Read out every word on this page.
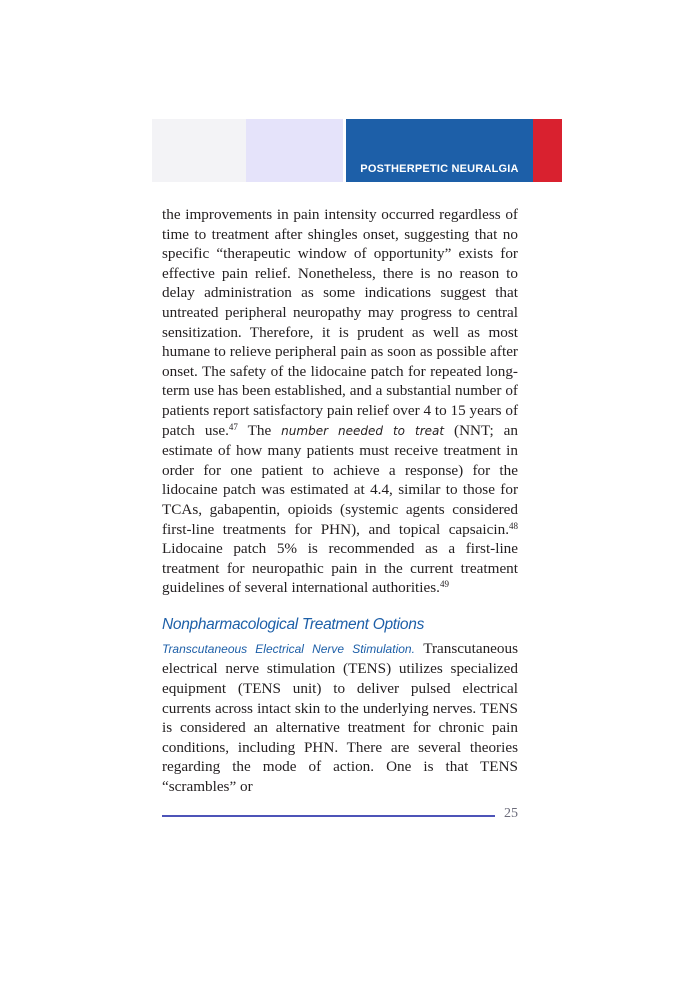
POSTHERPETIC NEURALGIA

the improvements in pain intensity occurred regardless of time to treatment after shingles onset, suggesting that no specific “therapeutic window of opportunity” exists for effective pain relief. Nonetheless, there is no reason to delay administration as some indications suggest that untreated peripheral neuropathy may progress to central sensitization. Therefore, it is prudent as well as most humane to relieve peripheral pain as soon as possible after onset. The safety of the lidocaine patch for repeated long-term use has been established, and a substantial number of patients report satisfactory pain relief over 4 to 15 years of patch use.$^{47}$ The number needed to treat (NNT; an estimate of how many patients must receive treatment in order for one patient to achieve a response) for the lidocaine patch was estimated at 4.4, similar to those for TCAs, gabapentin, opioids (systemic agents considered first-line treatments for PHN), and topical capsaicin.$^{48}$ Lidocaine patch 5% is recommended as a first-line treatment for neuropathic pain in the current treatment guidelines of several international authorities.$^{49}$

Nonpharmacological Treatment Options

Transcutaneous Electrical Nerve Stimulation. Transcutaneous electrical nerve stimulation (TENS) utilizes specialized equipment (TENS unit) to deliver pulsed electrical currents across intact skin to the underlying nerves. TENS is considered an alternative treatment for chronic pain conditions, including PHN. There are several theories regarding the mode of action. One is that TENS “scrambles” or

25
